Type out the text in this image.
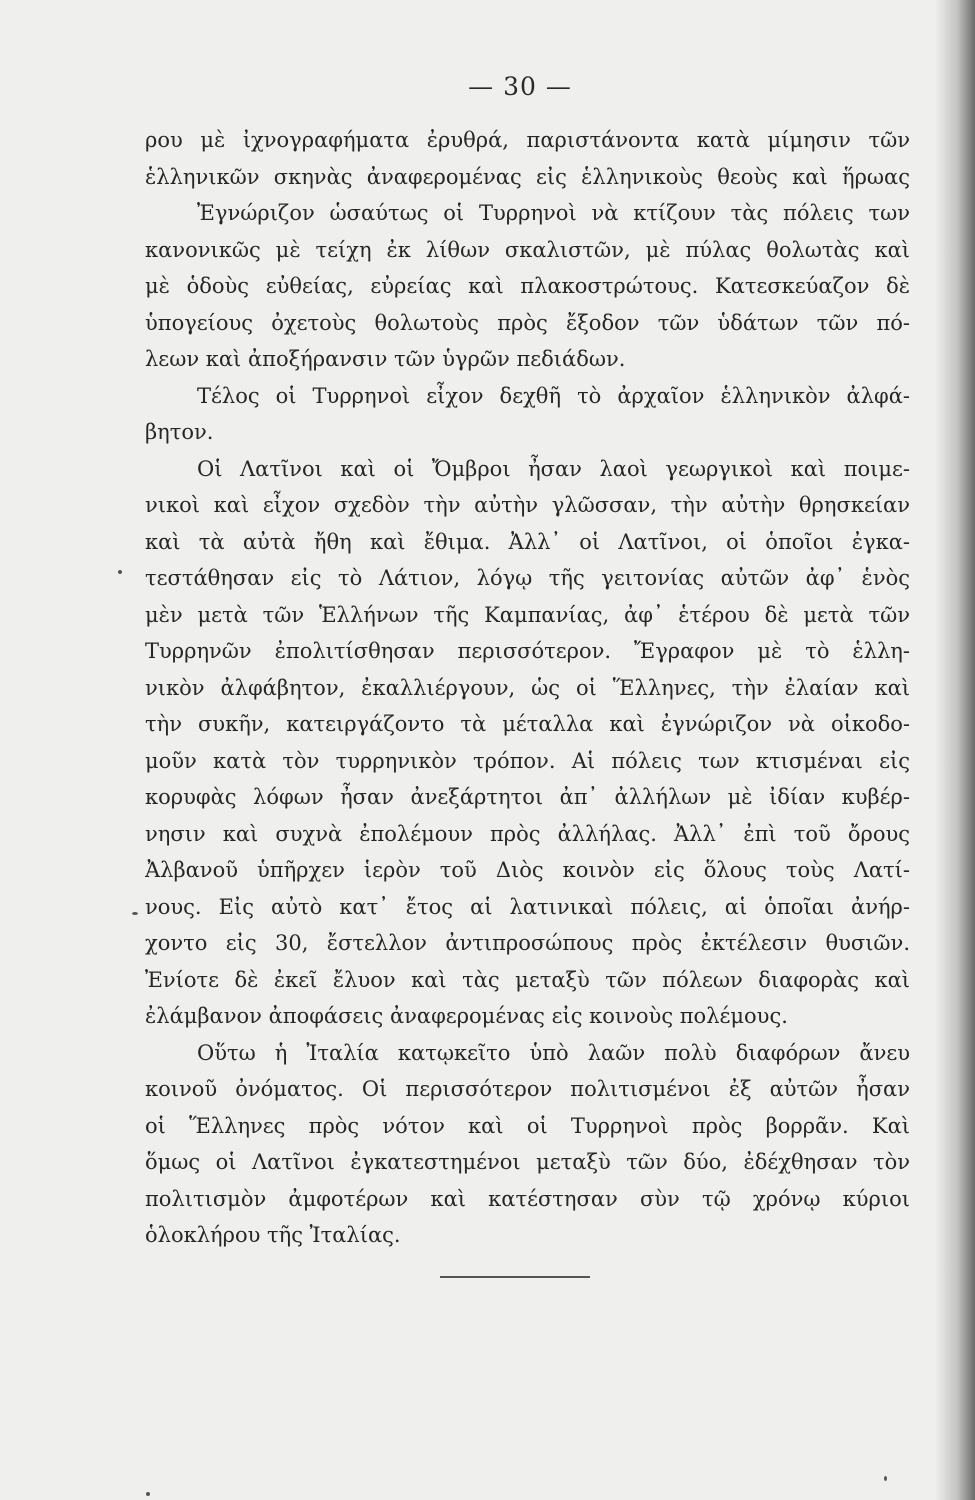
— 30 —
ρου μὲ ἰχνογραφήματα ἐρυθρά, παριστάνοντα κατὰ μίμησιν τῶν
ἑλληνικῶν σκηνὰς ἀναφερομένας εἰς ἑλληνικοὺς θεοὺς καὶ ἥρωας
Ἐγνώριζον ὡσαύτως οἱ Τυρρηνοὶ νὰ κτίζουν τὰς πόλεις των
κανονικῶς μὲ τείχη ἐκ λίθων σκαλιστῶν, μὲ πύλας θολωτὰς καὶ
μὲ ὁδοὺς εὐθείας, εὐρείας καὶ πλακοστρώτους. Κατεσκεύαζον δὲ
ὑπογείους ὀχετοὺς θολωτοὺς πρὸς ἔξοδον τῶν ὑδάτων τῶν πό-
λεων καὶ ἀποξήρανσιν τῶν ὑγρῶν πεδιάδων.
Τέλος οἱ Τυρρηνοὶ εἶχον δεχθῆ τὸ ἀρχαῖον ἑλληνικὸν ἀλφά-
βητον.
Οἱ Λατῖνοι καὶ οἱ Ὄμβροι ἦσαν λαοὶ γεωργικοὶ καὶ ποιμε-
νικοὶ καὶ εἶχον σχεδὸν τὴν αὐτὴν γλῶσσαν, τὴν αὐτὴν θρησκείαν
καὶ τὰ αὐτὰ ἤθη καὶ ἔθιμα. Ἀλλ᾽ οἱ Λατῖνοι, οἱ ὁποῖοι ἐγκα-
τεστάθησαν εἰς τὸ Λάτιον, λόγῳ τῆς γειτονίας αὐτῶν ἀφ᾽ ἑνὸς
μὲν μετὰ τῶν Ἑλλήνων τῆς Καμπανίας, ἀφ᾽ ἑτέρου δὲ μετὰ τῶν
Τυρρηνῶν ἐπολιτίσθησαν περισσότερον. Ἔγραφον μὲ τὸ ἑλλη-
νικὸν ἀλφάβητον, ἐκαλλιέργουν, ὡς οἱ Ἕλληνες, τὴν ἐλαίαν καὶ
τὴν συκῆν, κατειργάζοντο τὰ μέταλλα καὶ ἐγνώριζον νὰ οἰκοδο-
μοῦν κατὰ τὸν τυρρηνικὸν τρόπον. Αἱ πόλεις των κτισμέναι εἰς
κορυφὰς λόφων ἦσαν ἀνεξάρτητοι ἀπ᾽ ἀλλήλων μὲ ἰδίαν κυβέρ-
νησιν καὶ συχνὰ ἐπολέμουν πρὸς ἀλλήλας. Ἀλλ᾽ ἐπὶ τοῦ ὄρους
Ἀλβανοῦ ὑπῆρχεν ἱερὸν τοῦ Διὸς κοινὸν εἰς ὅλους τοὺς Λατί-
νους. Εἰς αὐτὸ κατ᾽ ἔτος αἱ λατινικαὶ πόλεις, αἱ ὁποῖαι ἀνήρ-
χοντο εἰς 30, ἔστελλον ἀντιπροσώπους πρὸς ἐκτέλεσιν θυσιῶν.
Ἐνίοτε δὲ ἐκεῖ ἔλυον καὶ τὰς μεταξὺ τῶν πόλεων διαφορὰς καὶ
ἐλάμβανον ἀποφάσεις ἀναφερομένας εἰς κοινοὺς πολέμους.
Οὕτω ἡ Ἰταλία κατῳκεῖτο ὑπὸ λαῶν πολὺ διαφόρων ἄνευ
κοινοῦ ὀνόματος. Οἱ περισσότερον πολιτισμένοι ἐξ αὐτῶν ἦσαν
οἱ Ἕλληνες πρὸς νότον καὶ οἱ Τυρρηνοὶ πρὸς βορρᾶν. Καὶ
ὅμως οἱ Λατῖνοι ἐγκατεστημένοι μεταξὺ τῶν δύο, ἐδέχθησαν τὸν
πολιτισμὸν ἀμφοτέρων καὶ κατέστησαν σὺν τῷ χρόνῳ κύριοι
ὁλοκλήρου τῆς Ἰταλίας.
